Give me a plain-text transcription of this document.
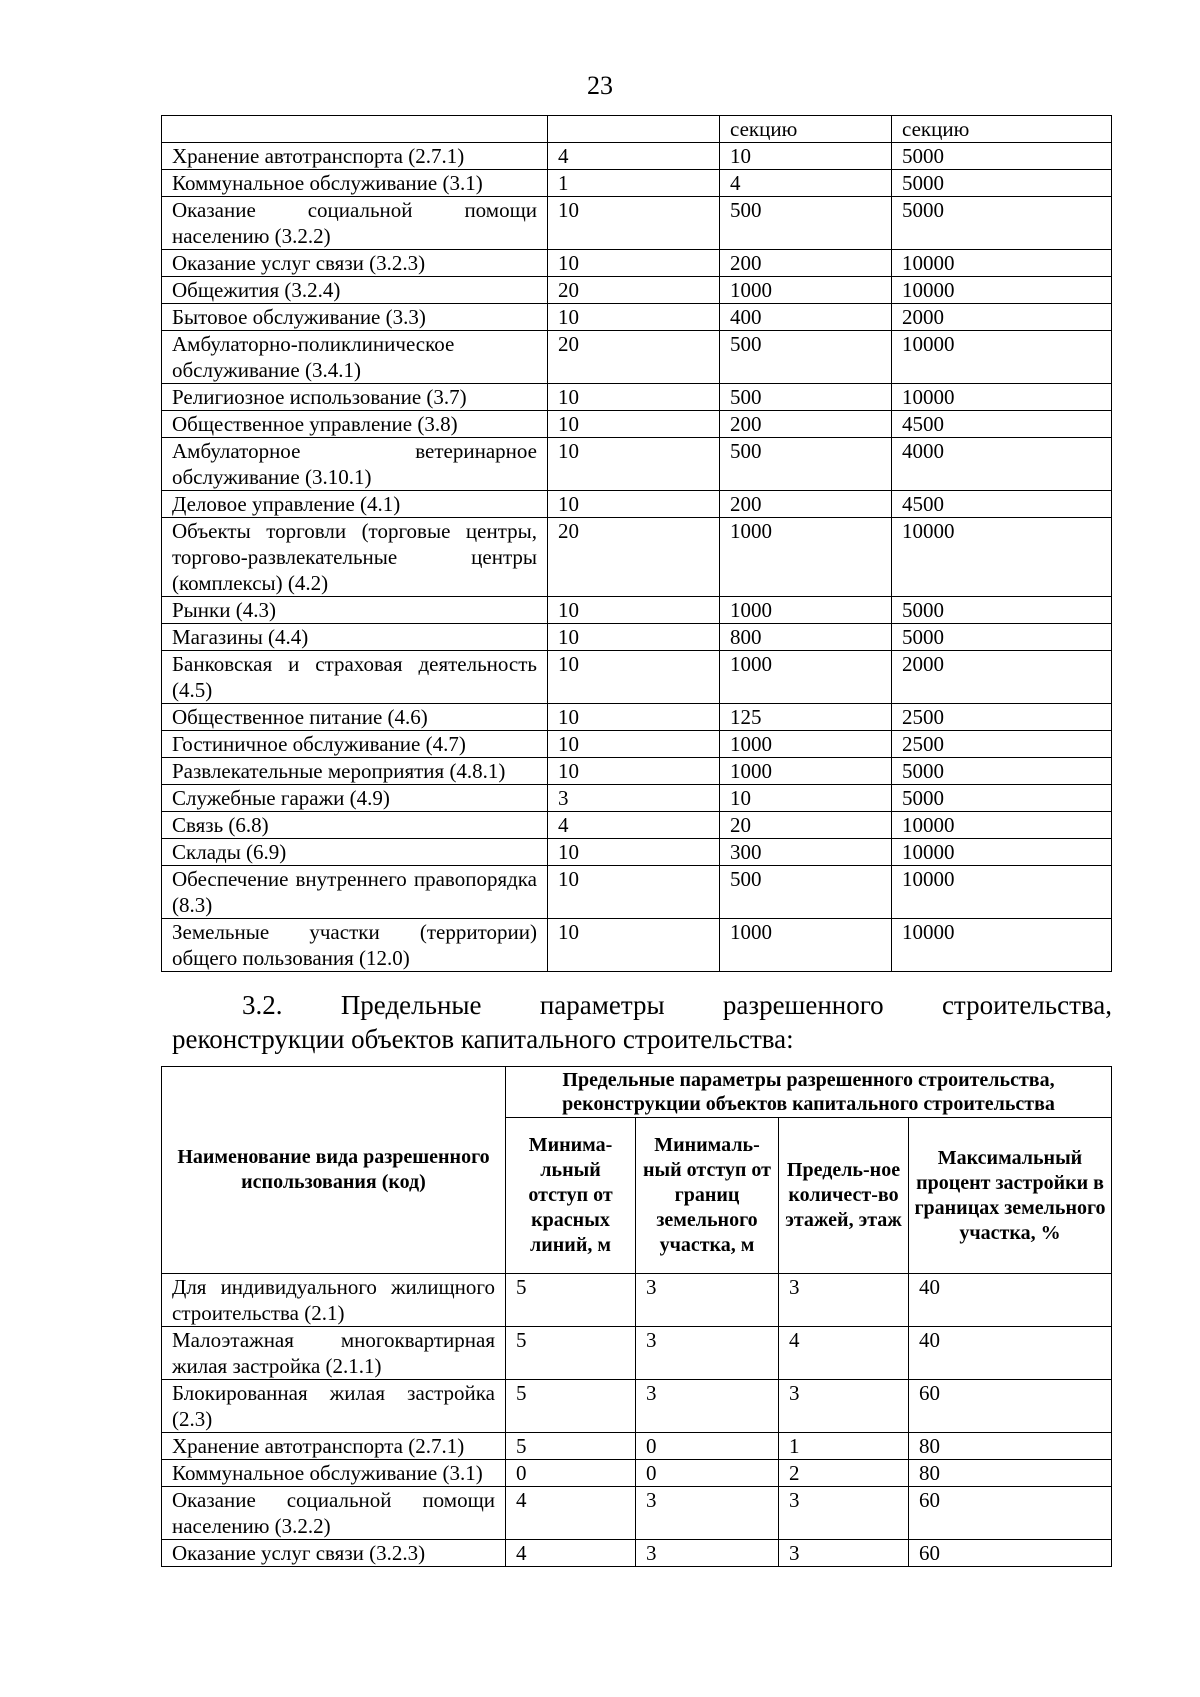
23
		секцию	секцию
Хранение автотранспорта (2.7.1)	4	10	5000
Коммунальное обслуживание (3.1)	1	4	5000
Оказание социальной помощи населению (3.2.2)	10	500	5000
Оказание услуг связи (3.2.3)	10	200	10000
Общежития (3.2.4)	20	1000	10000
Бытовое обслуживание (3.3)	10	400	2000
Амбулаторно-поликлиническое обслуживание (3.4.1)	20	500	10000
Религиозное использование (3.7)	10	500	10000
Общественное управление (3.8)	10	200	4500
Амбулаторное ветеринарное обслуживание (3.10.1)	10	500	4000
Деловое управление (4.1)	10	200	4500
Объекты торговли (торговые центры, торгово-развлекательные центры (комплексы) (4.2)	20	1000	10000
Рынки (4.3)	10	1000	5000
Магазины (4.4)	10	800	5000
Банковская и страховая деятельность (4.5)	10	1000	2000
Общественное питание (4.6)	10	125	2500
Гостиничное обслуживание (4.7)	10	1000	2500
Развлекательные мероприятия (4.8.1)	10	1000	5000
Служебные гаражи (4.9)	3	10	5000
Связь (6.8)	4	20	10000
Склады (6.9)	10	300	10000
Обеспечение внутреннего правопорядка (8.3)	10	500	10000
Земельные участки (территории) общего пользования (12.0)	10	1000	10000
3.2. Предельные параметры разрешенного строительства,
реконструкции объектов капитального строительства:
Наименование вида разрешенного использования (код)	Предельные параметры разрешенного строительства, реконструкции объектов капитального строительства			
	Минима-льный отступ от красных линий, м	Минималь-ный отступ от границ земельного участка, м	Предель-ное количест-во этажей, этаж	Максимальный процент застройки в границах земельного участка, %
Для индивидуального жилищного строительства (2.1)	5	3	3	40
Малоэтажная многоквартирная жилая застройка (2.1.1)	5	3	4	40
Блокированная жилая застройка (2.3)	5	3	3	60
Хранение автотранспорта (2.7.1)	5	0	1	80
Коммунальное обслуживание (3.1)	0	0	2	80
Оказание социальной помощи населению (3.2.2)	4	3	3	60
Оказание услуг связи (3.2.3)	4	3	3	60
